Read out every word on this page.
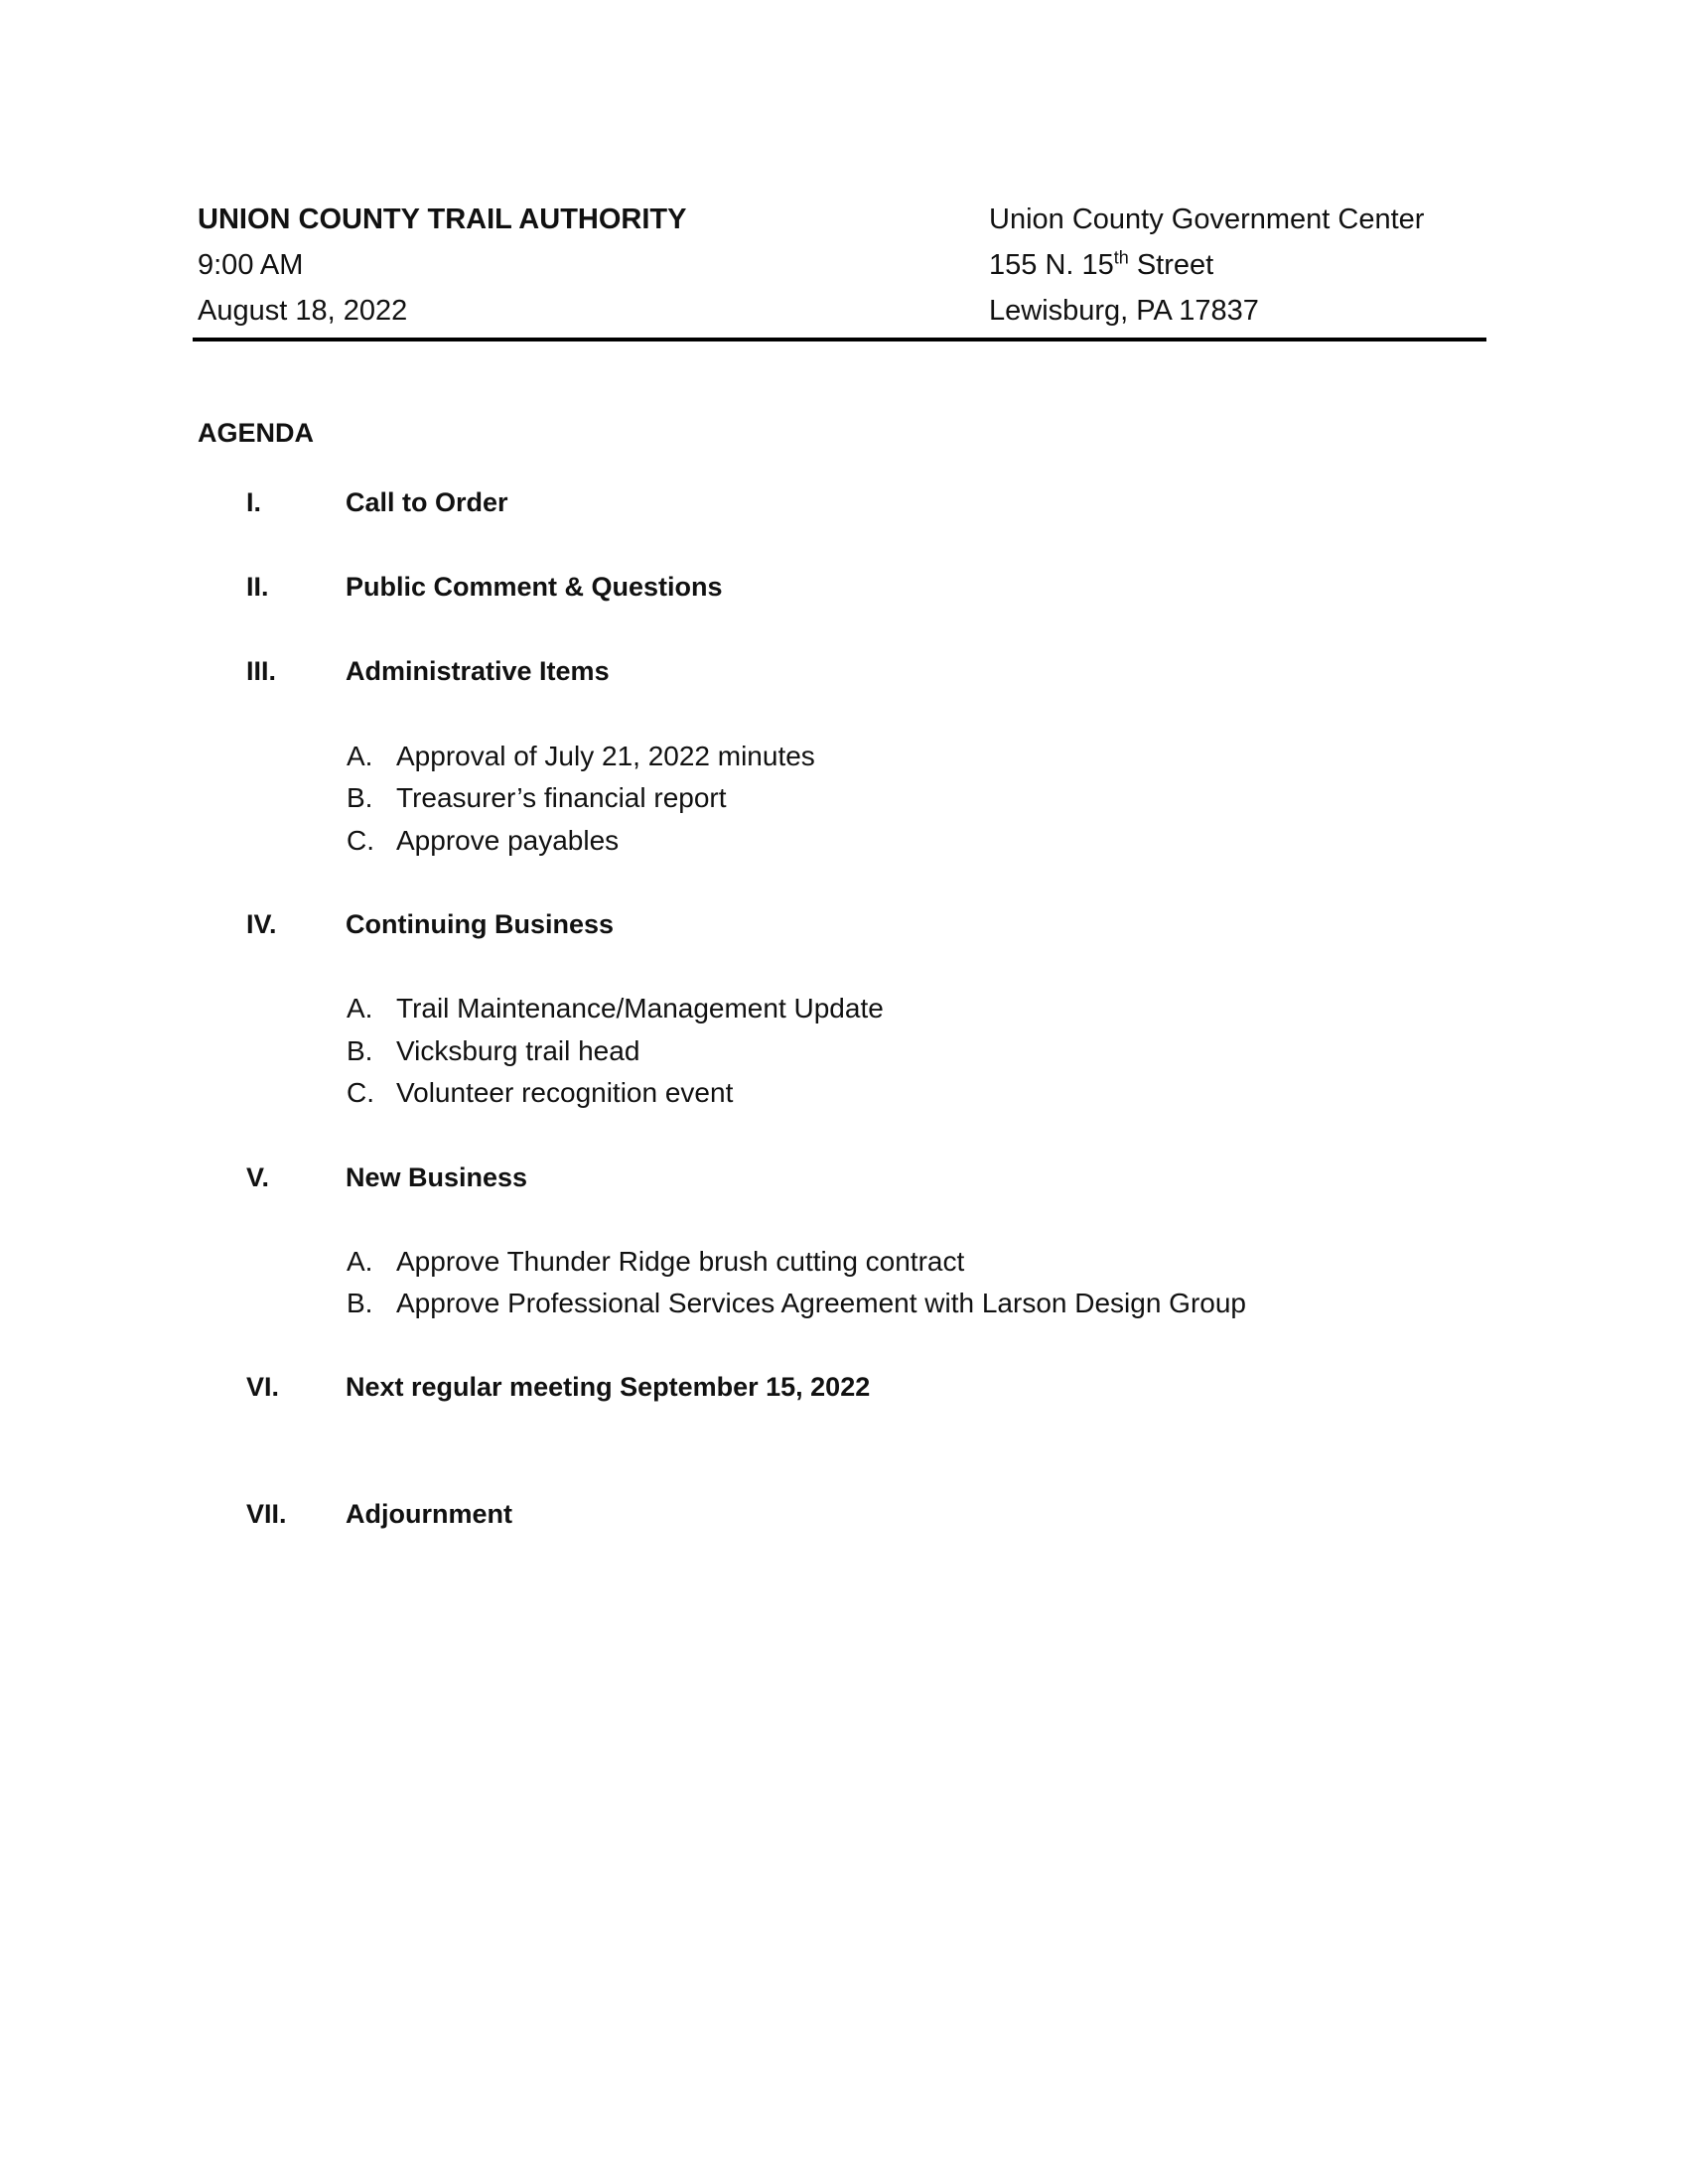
UNION COUNTY TRAIL AUTHORITY
9:00 AM
August 18, 2022
Union County Government Center
155 N. 15th Street
Lewisburg, PA 17837
AGENDA
I.	Call to Order
II.	Public Comment & Questions
III.	Administrative Items
A. Approval of July 21, 2022 minutes
B. Treasurer’s financial report
C. Approve payables
IV.	Continuing Business
A. Trail Maintenance/Management Update
B. Vicksburg trail head
C. Volunteer recognition event
V.	New Business
A. Approve Thunder Ridge brush cutting contract
B. Approve Professional Services Agreement with Larson Design Group
VI. Next regular meeting September 15, 2022
VII. Adjournment
